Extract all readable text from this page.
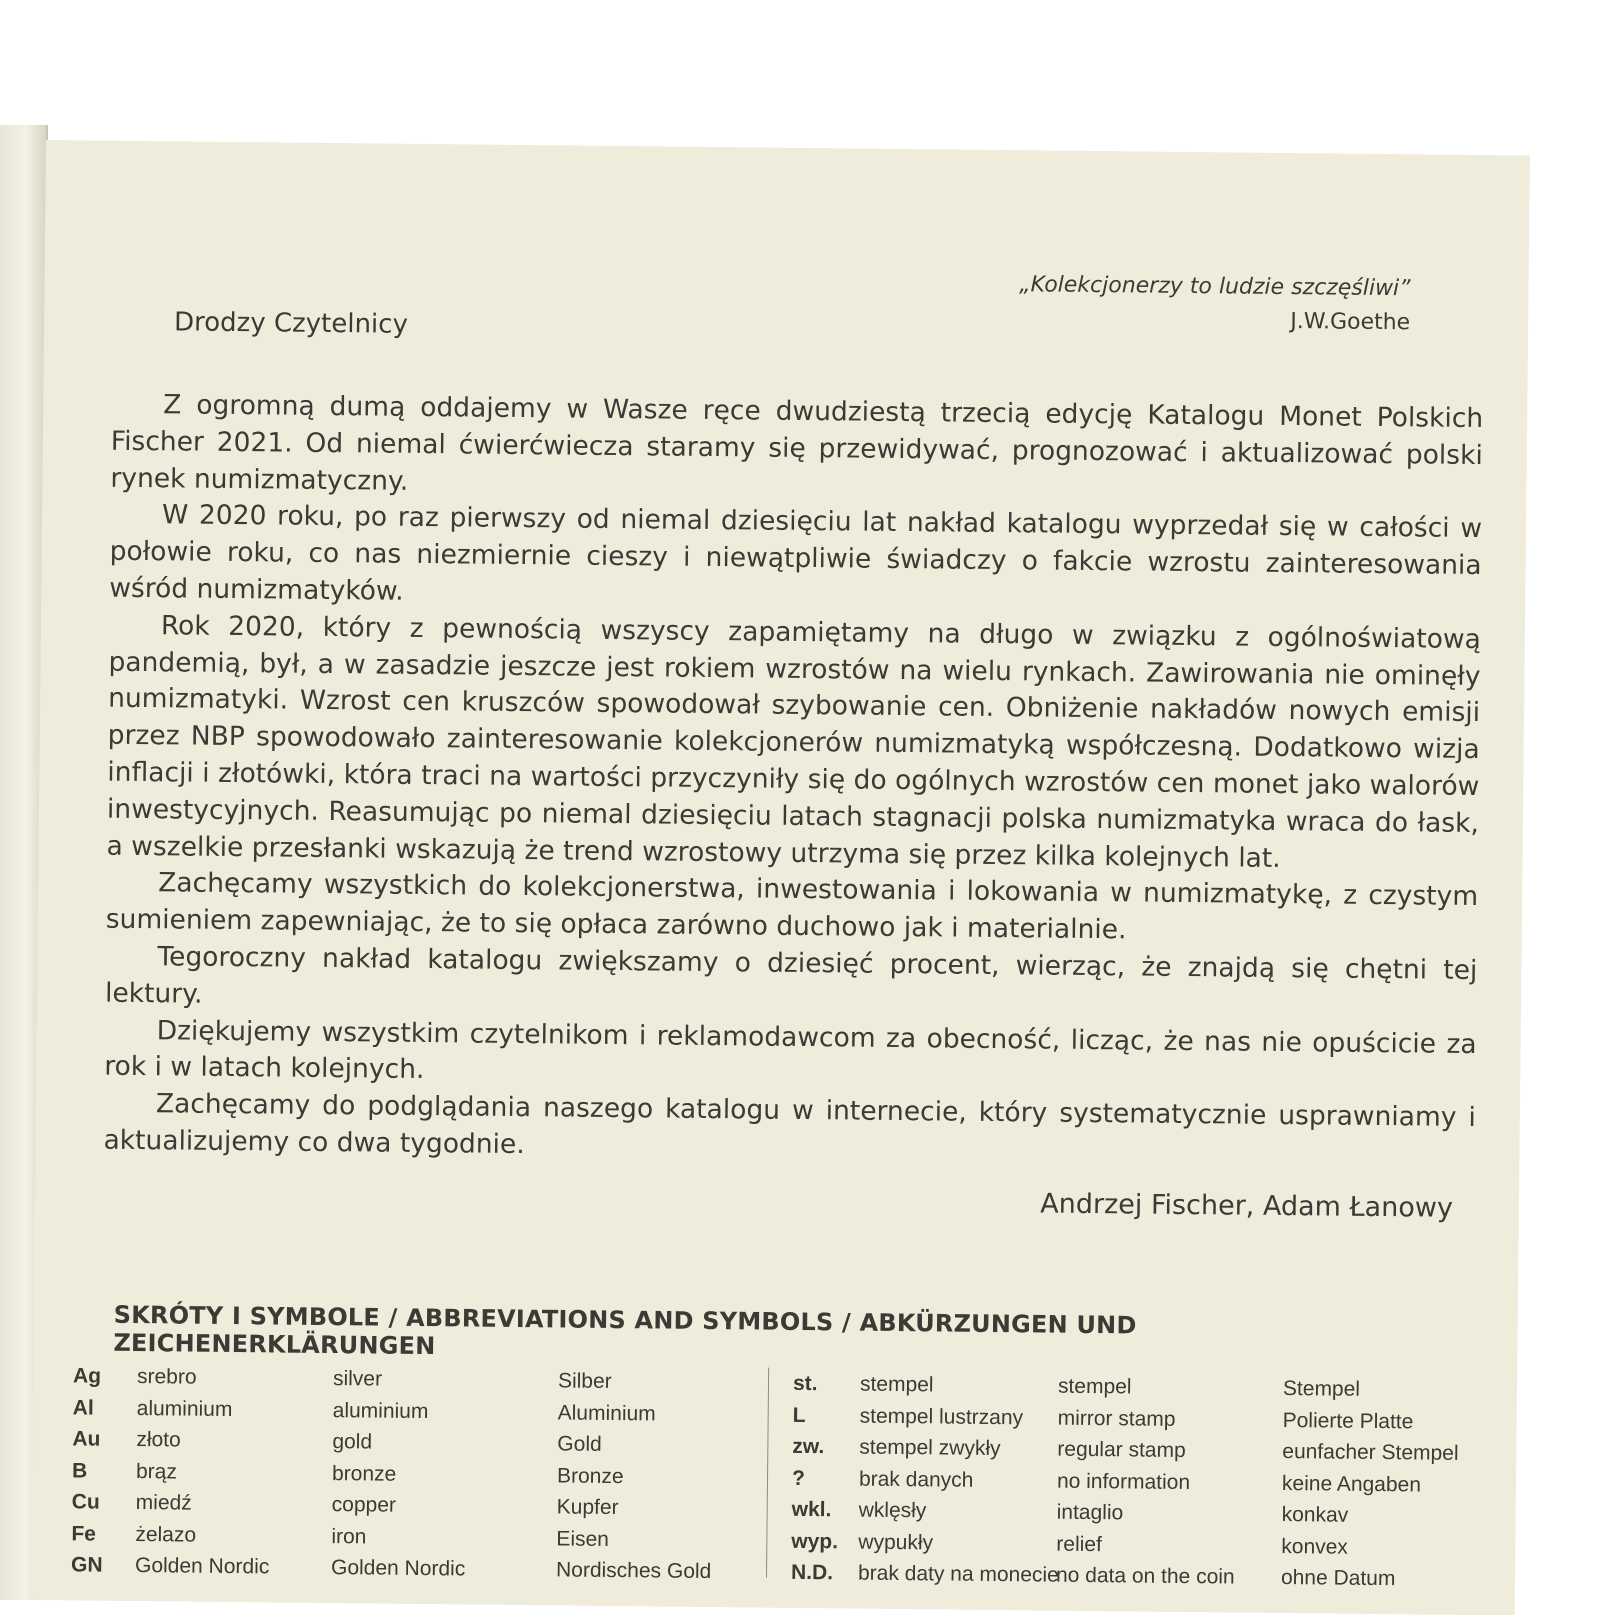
„Kolekcjonerzy to ludzie szczęśliwi”
J.W.Goethe
Drodzy Czytelnicy

Z ogromną dumą oddajemy w Wasze ręce dwudziestą trzecią edycję Katalogu Monet Polskich Fischer 2021. Od niemal ćwierćwiecza staramy się przewidywać, prognozować i aktualizować polski rynek numizmatyczny.

W 2020 roku, po raz pierwszy od niemal dziesięciu lat nakład katalogu wyprzedał się w całości w połowie roku, co nas niezmiernie cieszy i niewątpliwie świadczy o fakcie wzrostu zainteresowania wśród numizmatyków.

Rok 2020, który z pewnością wszyscy zapamiętamy na długo w związku z ogólnoświatową pandemią, był, a w zasadzie jeszcze jest rokiem wzrostów na wielu rynkach. Zawirowania nie ominęły numizmatyki. Wzrost cen kruszców spowodował szybowanie cen. Obniżenie nakładów nowych emisji przez NBP spowodowało zainteresowanie kolekcjonerów numizmatyką współczesną. Dodatkowo wizja inflacji i złotówki, która traci na wartości przyczyniły się do ogólnych wzrostów cen monet jako walorów inwestycyjnych. Reasumując po niemal dziesięciu latach stagnacji polska numizmatyka wraca do łask, a wszelkie przesłanki wskazują że trend wzrostowy utrzyma się przez kilka kolejnych lat.

Zachęcamy wszystkich do kolekcjonerstwa, inwestowania i lokowania w numizmatykę, z czystym sumieniem zapewniając, że to się opłaca zarówno duchowo jak i materialnie.

Tegoroczny nakład katalogu zwiększamy o dziesięć procent, wierząc, że znajdą się chętni tej lektury.

Dziękujemy wszystkim czytelnikom i reklamodawcom za obecność, licząc, że nas nie opuścicie za rok i w latach kolejnych.

Zachęcamy do podglądania naszego katalogu w internecie, który systematycznie usprawniamy i aktualizujemy co dwa tygodnie.

Andrzej Fischer, Adam Łanowy
SKRÓTY I SYMBOLE / ABBREVIATIONS AND SYMBOLS / ABKÜRZUNGEN UND ZEICHENERKLÄRUNGEN
Ag
Al
Au
B
Cu
Fe
GN
srebro
aluminium
złoto
brąz
miedź
żelazo
Golden Nordic
silver
aluminium
gold
bronze
copper
iron
Golden Nordic
Silber
Aluminium
Gold
Bronze
Kupfer
Eisen
Nordisches Gold
st.
L
zw.
?
wkl.
wyp.
N.D.
stempel
stempel lustrzany
stempel zwykły
brak danych
wklęsły
wypukły
brak daty na monecie
stempel
mirror stamp
regular stamp
no information
intaglio
relief
no data on the coin
Stempel
Polierte Platte
eunfacher Stempel
keine Angaben
konkav
konvex
ohne Datum
